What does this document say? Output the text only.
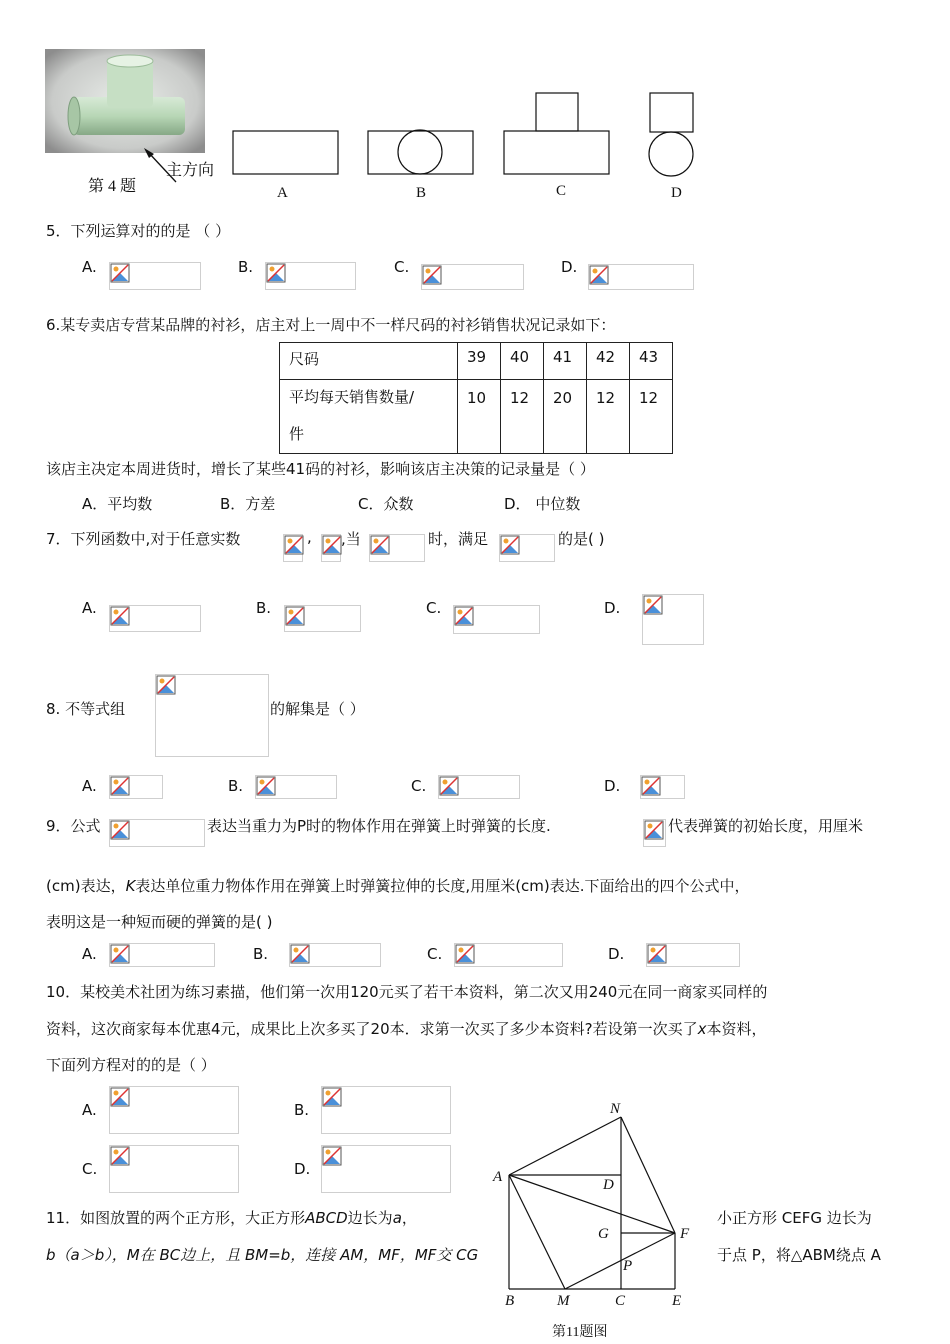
第 4 题
主方向
A	B	C	D
5．下列运算对的的是 （ ）
A.	B.	C.	D.
6.某专卖店专营某品牌的衬衫，店主对上一周中不一样尺码的衬衫销售状况记录如下：
尺码	39	40	41	42	43

平均每天销售数量/
件	10	12	20	12	12
该店主决定本周进货时，增长了某些41码的衬衫，影响该店主决策的记录量是（ ）
A．平均数	B．方差	C．众数	D． 中位数
7．下列函数中,对于任意实数	, ,当	时，满足	的是( )
A.	B.	C.	D.
8. 不等式组	的解集是（ ）
A.	B.	C.	D.
9．公式	表达当重力为P时的物体作用在弹簧上时弹簧的长度.	代表弹簧的初始长度，用厘米
(cm)表达，K表达单位重力物体作用在弹簧上时弹簧拉伸的长度,用厘米(cm)表达.下面给出的四个公式中，
表明这是一种短而硬的弹簧的是( )
A.	B.	C.	D.
10．某校美术社团为练习素描，他们第一次用120元买了若干本资料，第二次又用240元在同一商家买同样的
资料，这次商家每本优惠4元，成果比上次多买了20本．求第一次买了多少本资料?若设第一次买了x本资料，
下面列方程对的的是（ ）
A.	B.
C.	D.
11．如图放置的两个正方形，大正方形ABCD边长为a，	小正方形 CEFG 边长为
b（a＞b），M在 BC边上，且 BM=b，连接 AM，MF，MF交 CG	于点 P，将△ABM绕点 A
N
A	D
G	F
P
B	M	C	E
第11题图
